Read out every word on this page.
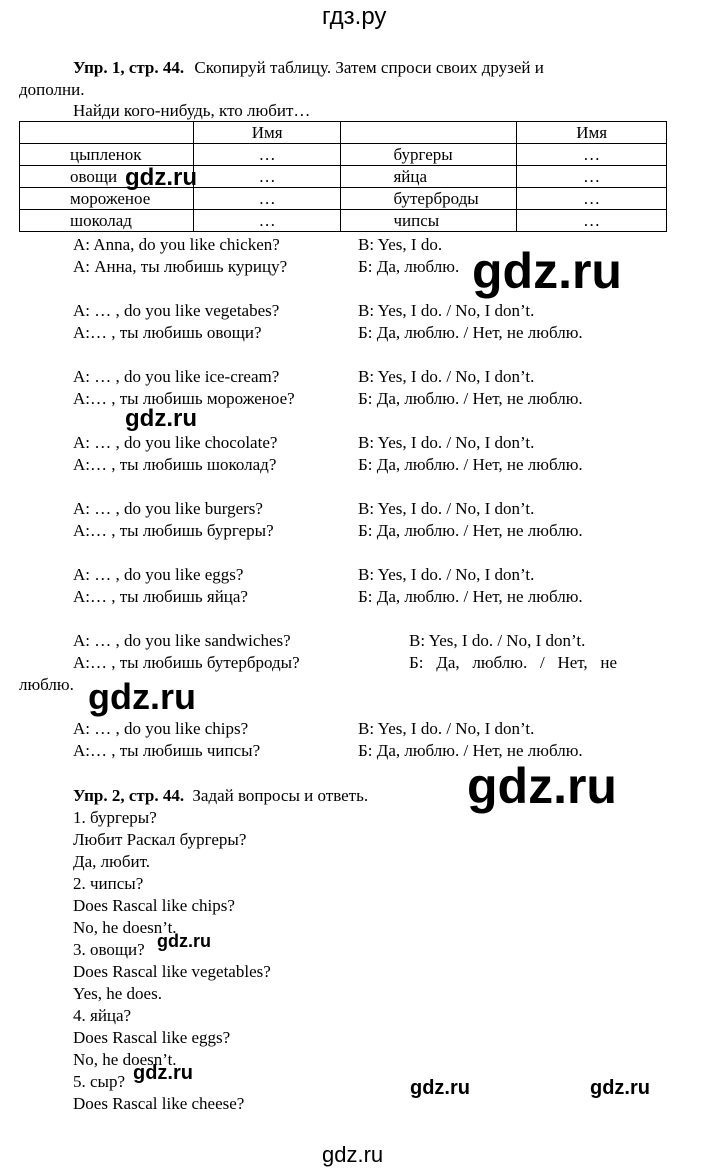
гдз.ру
Упр. 1, стр. 44. Скопируй таблицу. Затем спроси своих друзей и
дополни.
Найди кого-нибудь, кто любит…
	Имя		Имя
цыпленок	…	бургеры	…
овощи	…	яйца	…
мороженое	…	бутерброды	…
шоколад	…	чипсы	…
A: Anna, do you like chicken?	B: Yes, I do.
А: Анна, ты любишь курицу?	Б: Да, люблю.
A: … , do you like vegetabes?	B: Yes, I do. / No, I don’t.
А:… , ты любишь овощи?	Б: Да, люблю. / Нет, не люблю.
A: … , do you like ice-cream?	B: Yes, I do. / No, I don’t.
А:… , ты любишь мороженое?	Б: Да, люблю. / Нет, не люблю.
A: … , do you like chocolate?	B: Yes, I do. / No, I don’t.
А:… , ты любишь шоколад?	Б: Да, люблю. / Нет, не люблю.
A: … , do you like burgers?	B: Yes, I do. / No, I don’t.
А:… , ты любишь бургеры?	Б: Да, люблю. / Нет, не люблю.
A: … , do you like eggs?	B: Yes, I do. / No, I don’t.
А:… , ты любишь яйца?	Б: Да, люблю. / Нет, не люблю.
A: … , do you like sandwiches?	B: Yes, I do. / No, I don’t.
А:… , ты любишь бутерброды?	Б:   Да,   люблю.   /   Нет,   не
люблю.
A: … , do you like chips?	B: Yes, I do. / No, I don’t.
А:… , ты любишь чипсы?	Б: Да, люблю. / Нет, не люблю.
Упр. 2, стр. 44. Задай вопросы и ответь.
1. бургеры?
Любит Раскал бургеры?
Да, любит.
2. чипсы?
Does Rascal like chips?
No, he doesn’t.
3. овощи?
Does Rascal like vegetables?
Yes, he does.
4. яйца?
Does Rascal like eggs?
No, he doesn’t.
5. сыр?
Does Rascal like cheese?
gdz.ru
gdz.ru
gdz.ru
gdz.ru
gdz.ru
gdz.ru
gdz.ru
gdz.ru	gdz.ru
gdz.ru
